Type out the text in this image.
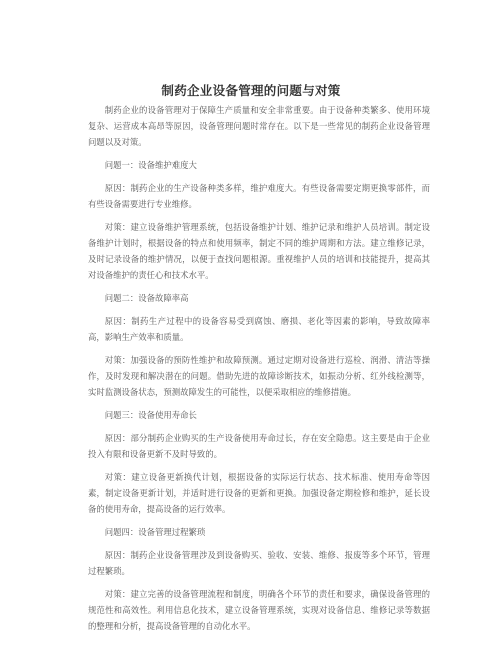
制药企业设备管理的问题与对策

制药企业的设备管理对于保障生产质量和安全非常重要。由于设备种类繁多、使用环境复杂、运营成本高昂等原因，设备管理问题时常存在。以下是一些常见的制药企业设备管理问题以及对策。

问题一：设备维护难度大

原因：制药企业的生产设备种类多样，维护难度大。有些设备需要定期更换零部件，而有些设备需要进行专业维修。

对策：建立设备维护管理系统，包括设备维护计划、维护记录和维护人员培训。制定设备维护计划时，根据设备的特点和使用频率，制定不同的维护周期和方法。建立维修记录，及时记录设备的维护情况，以便于查找问题根源。重视维护人员的培训和技能提升，提高其对设备维护的责任心和技术水平。

问题二：设备故障率高

原因：制药生产过程中的设备容易受到腐蚀、磨损、老化等因素的影响，导致故障率高，影响生产效率和质量。

对策：加强设备的预防性维护和故障预测。通过定期对设备进行巡检、润滑、清洁等操作，及时发现和解决潜在的问题。借助先进的故障诊断技术，如振动分析、红外线检测等，实时监测设备状态，预测故障发生的可能性，以便采取相应的维修措施。

问题三：设备使用寿命长

原因：部分制药企业购买的生产设备使用寿命过长，存在安全隐患。这主要是由于企业投入有限和设备更新不及时导致的。

对策：建立设备更新换代计划，根据设备的实际运行状态、技术标准、使用寿命等因素，制定设备更新计划，并适时进行设备的更新和更换。加强设备定期检修和维护，延长设备的使用寿命，提高设备的运行效率。

问题四：设备管理过程繁琐

原因：制药企业设备管理涉及到设备购买、验收、安装、维修、报废等多个环节，管理过程繁琐。

对策：建立完善的设备管理流程和制度，明确各个环节的责任和要求，确保设备管理的规范性和高效性。利用信息化技术，建立设备管理系统，实现对设备信息、维修记录等数据的整理和分析，提高设备管理的自动化水平。
